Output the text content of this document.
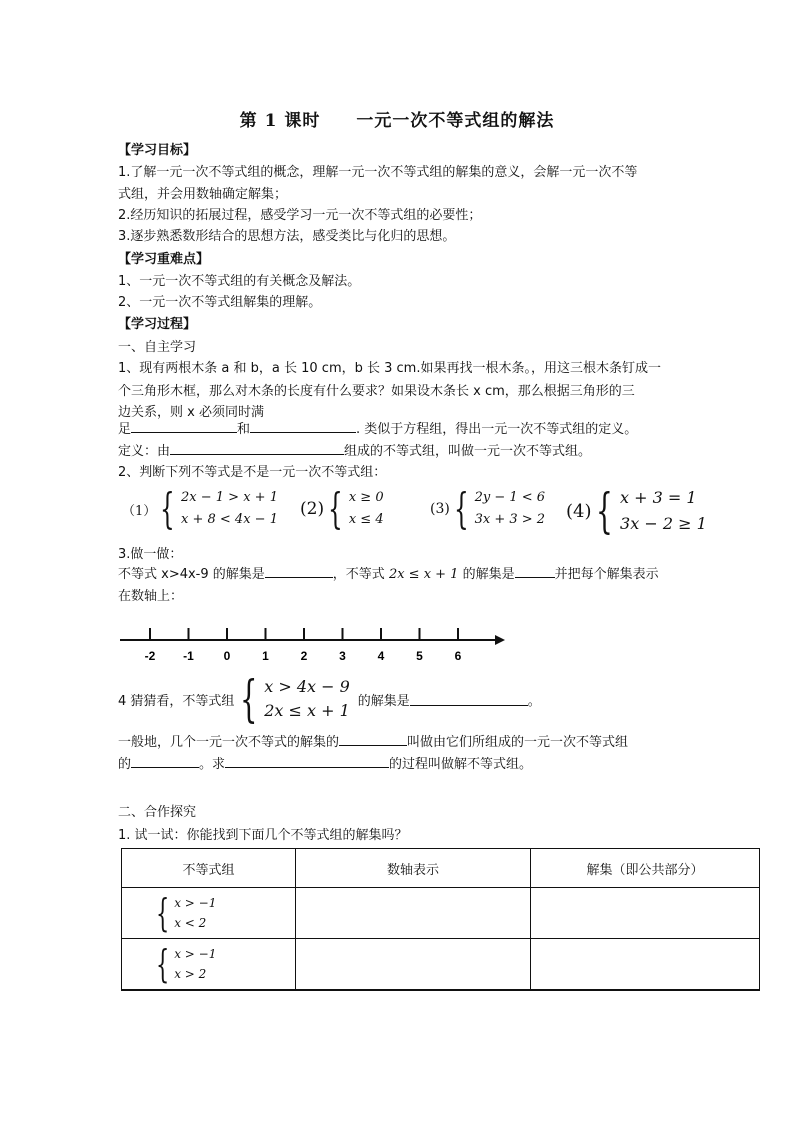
第 1 课时 一元一次不等式组的解法
【学习目标】
1.了解一元一次不等式组的概念，理解一元一次不等式组的解集的意义，会解一元一次不等
式组，并会用数轴确定解集；
2.经历知识的拓展过程，感受学习一元一次不等式组的必要性；
3.逐步熟悉数形结合的思想方法，感受类比与化归的思想。
【学习重难点】
1、一元一次不等式组的有关概念及解法。
2、一元一次不等式组解集的理解。
【学习过程】
一、自主学习
1、现有两根木条 a 和 b，a 长 10 cm，b 长 3 cm.如果再找一根木条。，用这三根木条钉成一
个三角形木框，那么对木条的长度有什么要求？如果设木条长 x cm，那么根据三角形的三
边关系，则 x 必须同时满
足	和	. 类似于方程组，得出一元一次不等式组的定义。
定义：由	组成的不等式组，叫做一元一次不等式组。
2、判断下列不等式是不是一元一次不等式组：
（1） { 2x − 1 > x + 1
x + 8 < 4x − 1
(2) { x ≥ 0
x ≤ 4
(3) { 2y − 1 < 6
3x + 3 > 2 (4) { x + 3 = 1
3x − 2 ≥ 1
3.做一做：
不等式 x>4x-9 的解集是	，不等式 2x ≤ x + 1 的解集是	并把每个解集表示
在数轴上：
-2 -1 0	1	2	3	4	5	6
4 猜猜看，不等式组 { x > 4x − 9
2x ≤ x + 1 的解集是	。
一般地，几个一元一次不等式的解集的	叫做由它们所组成的一元一次不等式组
的	。求	的过程叫做解不等式组。
二、合作探究
1. 试一试：你能找到下面几个不等式组的解集吗？
不等式组	数轴表示	解集（即公共部分）

{ x > −1
x < 2		

{ x > −1
x > 2		
